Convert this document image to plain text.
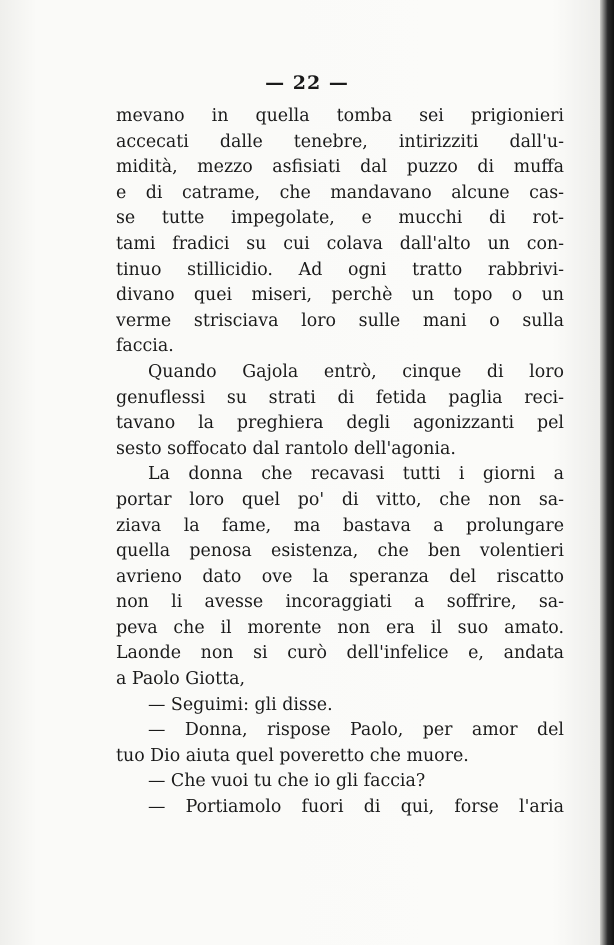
— 22 —
mevano in quella tomba sei prigionieri
accecati dalle tenebre, intirizziti dall'u-
midità, mezzo asfisiati dal puzzo di muffa
e di catrame, che mandavano alcune cas-
se tutte impegolate, e mucchi di rot-
tami fradici su cui colava dall'alto un con-
tinuo stillicidio. Ad ogni tratto rabbrivi-
divano quei miseri, perchè un topo o un
verme strisciava loro sulle mani o sulla
faccia.
Quando Gajola entrò, cinque di loro
genuflessi su strati di fetida paglia reci-
tavano la preghiera degli agonizzanti pel
sesto soffocato dal rantolo dell'agonia.
La donna che recavasi tutti i giorni a
portar loro quel po' di vitto, che non sa-
ziava la fame, ma bastava a prolungare
quella penosa esistenza, che ben volentieri
avrieno dato ove la speranza del riscatto
non li avesse incoraggiati a soffrire, sa-
peva che il morente non era il suo amato.
Laonde non si curò dell'infelice e, andata
a Paolo Giotta,
— Seguimi: gli disse.
— Donna, rispose Paolo, per amor del
tuo Dio aiuta quel poveretto che muore.
— Che vuoi tu che io gli faccia?
— Portiamolo fuori di qui, forse l'aria
